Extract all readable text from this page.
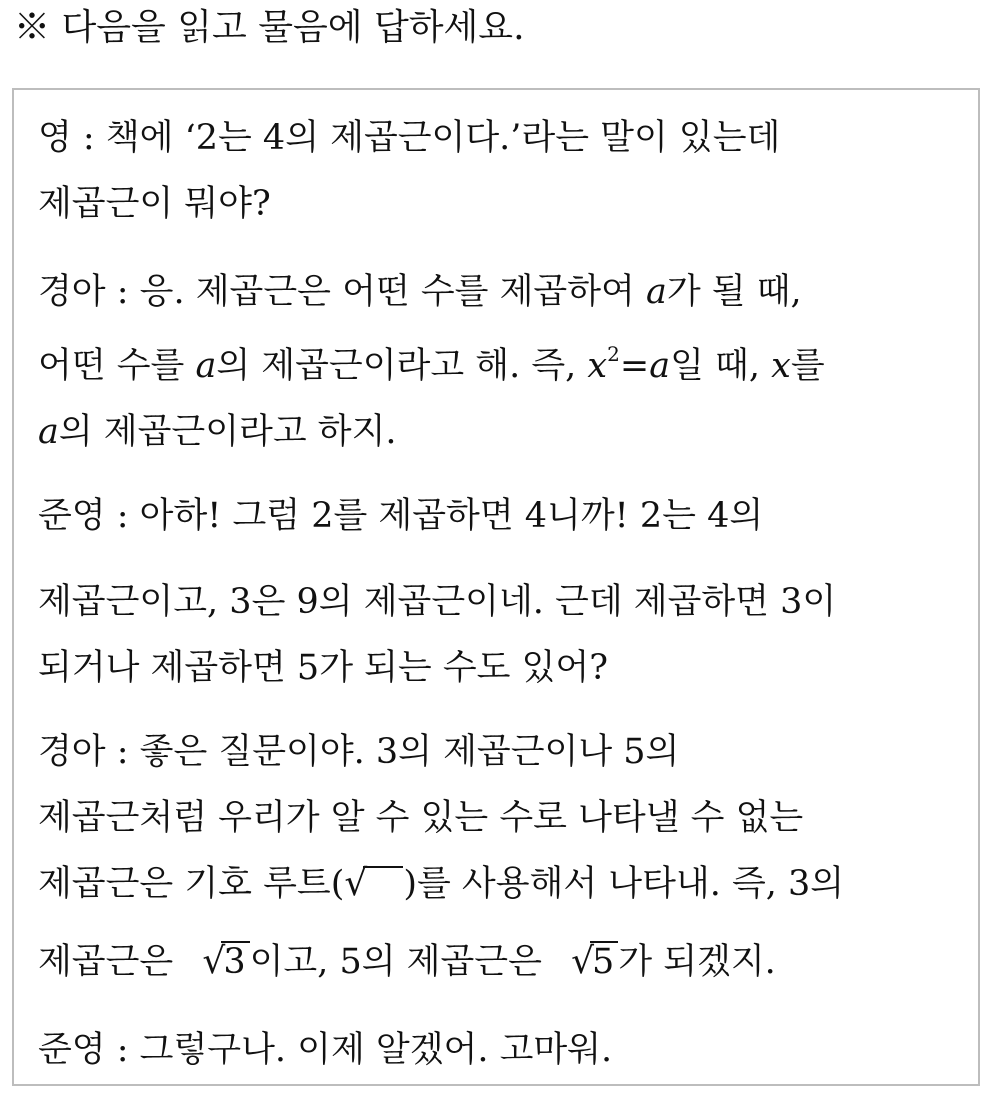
※ 다음을 읽고 물음에 답하세요.
영 : 책에 ‘2는 4의 제곱근이다.’라는 말이 있는데
제곱근이 뭐야?
경아 : 응. 제곱근은 어떤 수를 제곱하여 a가 될 때,
어떤 수를 a의 제곱근이라고 해. 즉, $x^2=a$일 때, x를
a의 제곱근이라고 하지.
준영 : 아하! 그럼 2를 제곱하면 4니까! 2는 4의
제곱근이고, 3은 9의 제곱근이네. 근데 제곱하면 3이
되거나 제곱하면 5가 되는 수도 있어?
경아 : 좋은 질문이야. 3의 제곱근이나 5의
제곱근처럼 우리가 알 수 있는 수로 나타낼 수 없는
제곱근은 기호 루트(√ )를 사용해서 나타내. 즉, 3의
제곱근은 √3 이고, 5의 제곱근은 √5 가 되겠지.
준영 : 그렇구나. 이제 알겠어. 고마워.
